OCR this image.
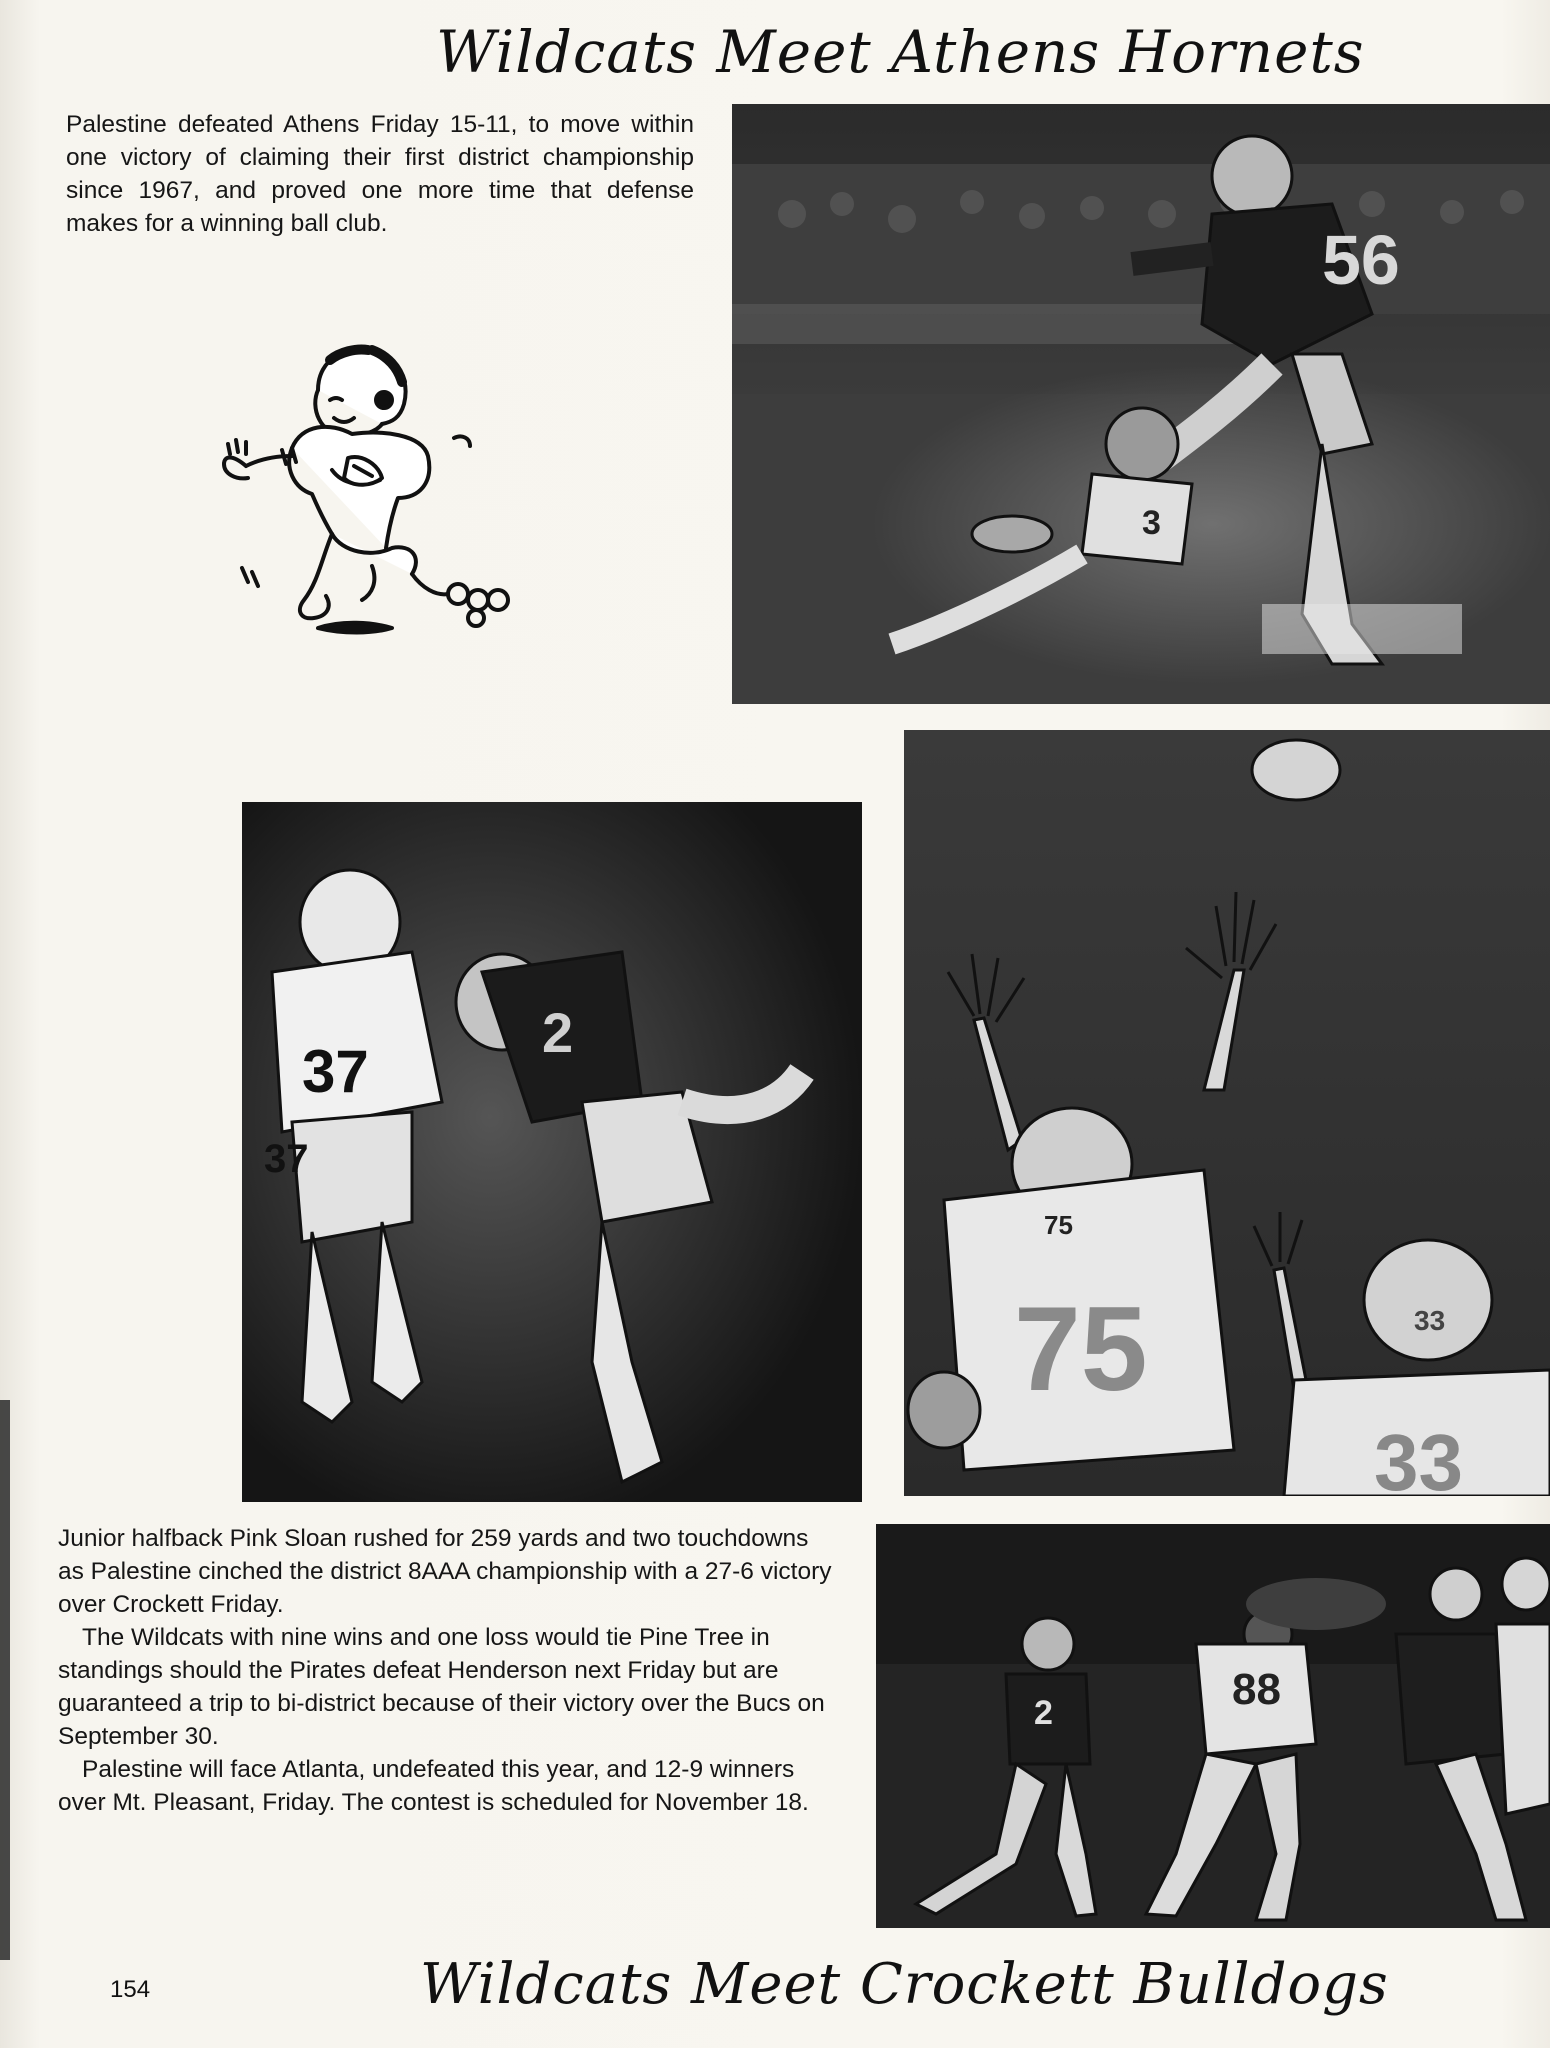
Wildcats Meet Athens Hornets

Palestine defeated Athens Friday 15-11, to move within one victory of claiming their first district championship since 1967, and proved one more time that defense makes for a winning ball club.	56
3
37
37
2
75
75	33
33
2	88

Junior halfback Pink Sloan rushed for 259 yards and two touchdowns as Palestine cinched the district 8AAA championship with a 27-6 victory over Crockett Friday.

The Wildcats with nine wins and one loss would tie Pine Tree in standings should the Pirates defeat Henderson next Friday but are guaranteed a trip to bi-district because of their victory over the Bucs on September 30.

Palestine will face Atlanta, undefeated this year, and 12-9 winners over Mt. Pleasant, Friday. The contest is scheduled for November 18.

154	Wildcats Meet Crockett Bulldogs
